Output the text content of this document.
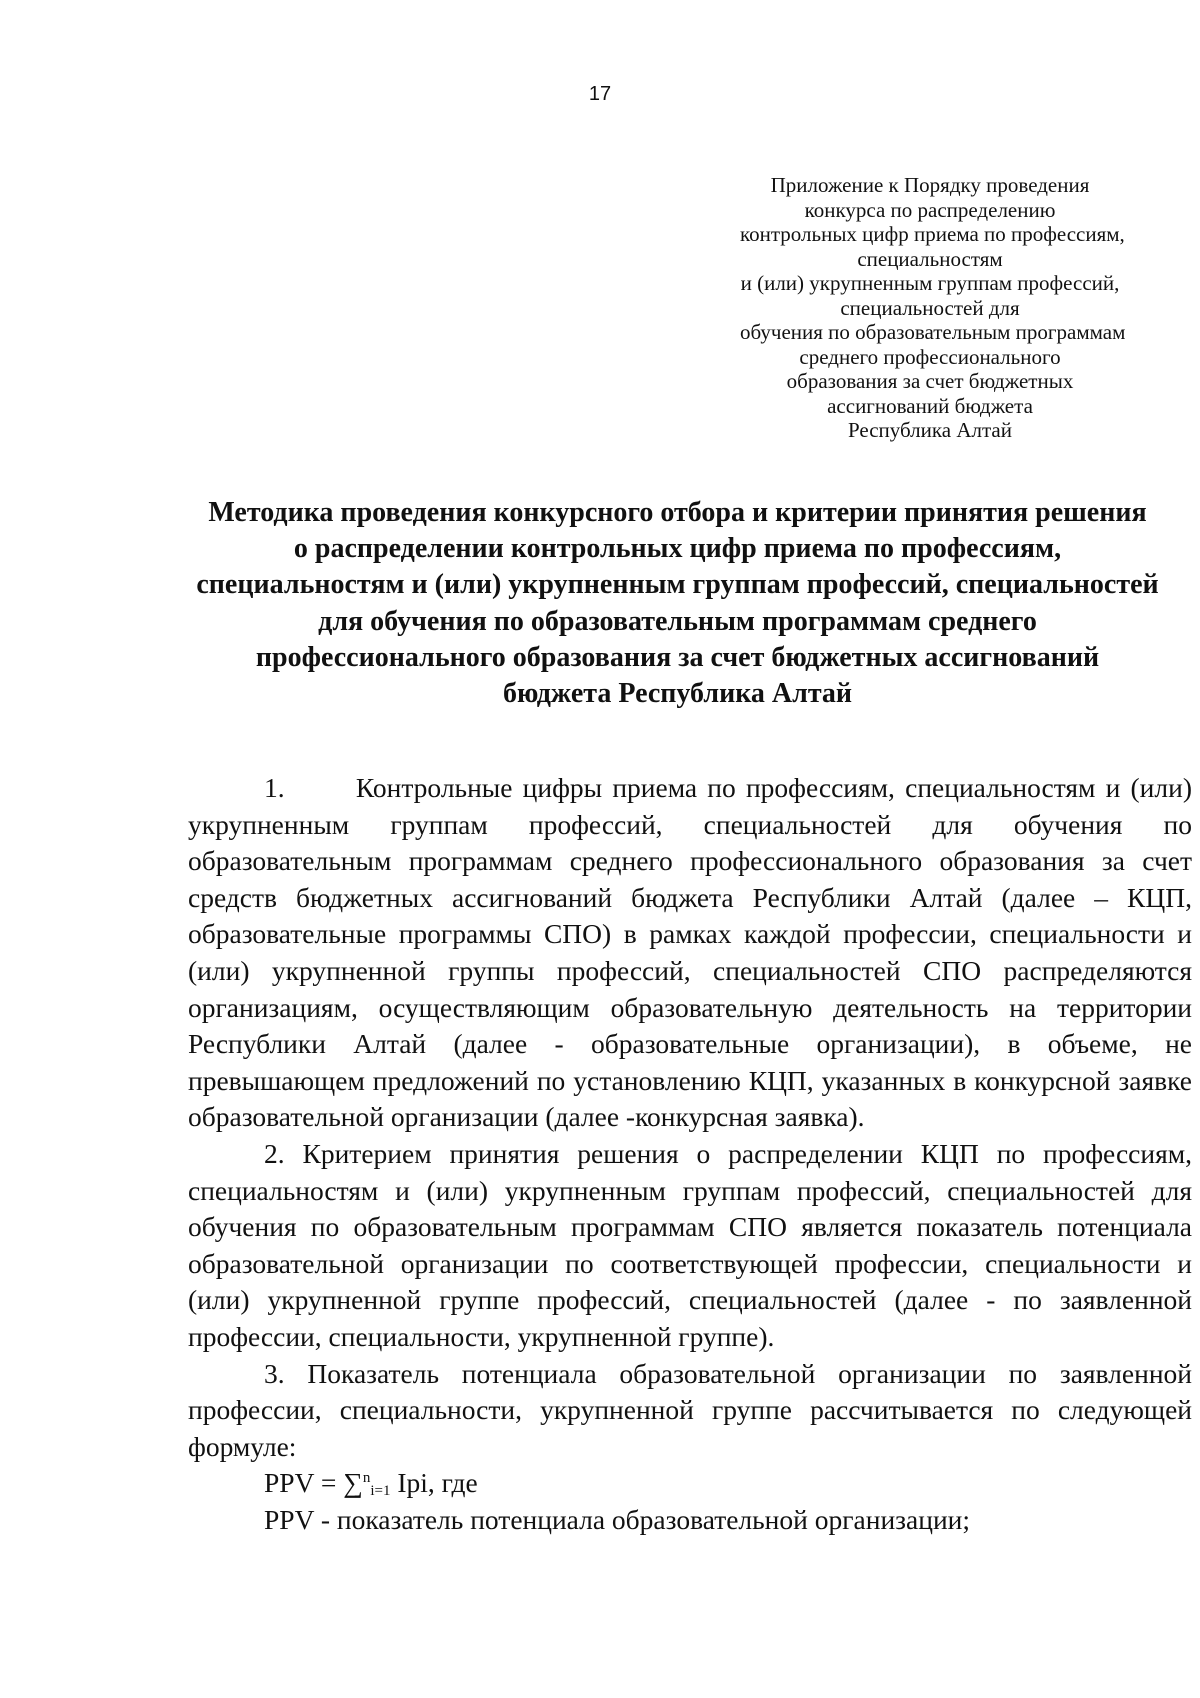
17
Приложение к Порядку проведения
конкурса по распределению
контрольных цифр приема по профессиям,
специальностям
и (или) укрупненным группам профессий,
специальностей для
обучения по образовательным программам
среднего профессионального
образования за счет бюджетных
ассигнований бюджета
Республика Алтай
Методика проведения конкурсного отбора и критерии принятия решения
о распределении контрольных цифр приема по профессиям,
специальностям и (или) укрупненным группам профессий, специальностей
для обучения по образовательным программам среднего
профессионального образования за счет бюджетных ассигнований
бюджета Республика Алтай

1.       Контрольные цифры приема по профессиям, специальностям и (или) укрупненным группам профессий, специальностей для обучения по образовательным программам среднего профессионального образования за счет средств бюджетных ассигнований бюджета Республики Алтай (далее – КЦП, образовательные программы СПО) в рамках каждой профессии, специальности и (или) укрупненной группы профессий, специальностей СПО распределяются организациям, осуществляющим образовательную деятельность на территории Республики Алтай (далее - образовательные организации), в объеме, не превышающем предложений по установлению КЦП, указанных в конкурсной заявке образовательной организации (далее -конкурсная заявка).

2. Критерием принятия решения о распределении КЦП по профессиям, специальностям и (или) укрупненным группам профессий, специальностей для обучения по образовательным программам СПО является показатель потенциала образовательной организации по соответствующей профессии, специальности и (или) укрупненной группе профессий, специальностей (далее - по заявленной профессии, специальности, укрупненной группе).

3. Показатель потенциала образовательной организации по заявленной профессии, специальности, укрупненной группе рассчитывается по следующей формуле:

PPV = ∑$^n_{i=1}$ Ipi, где

PPV - показатель потенциала образовательной организации;
